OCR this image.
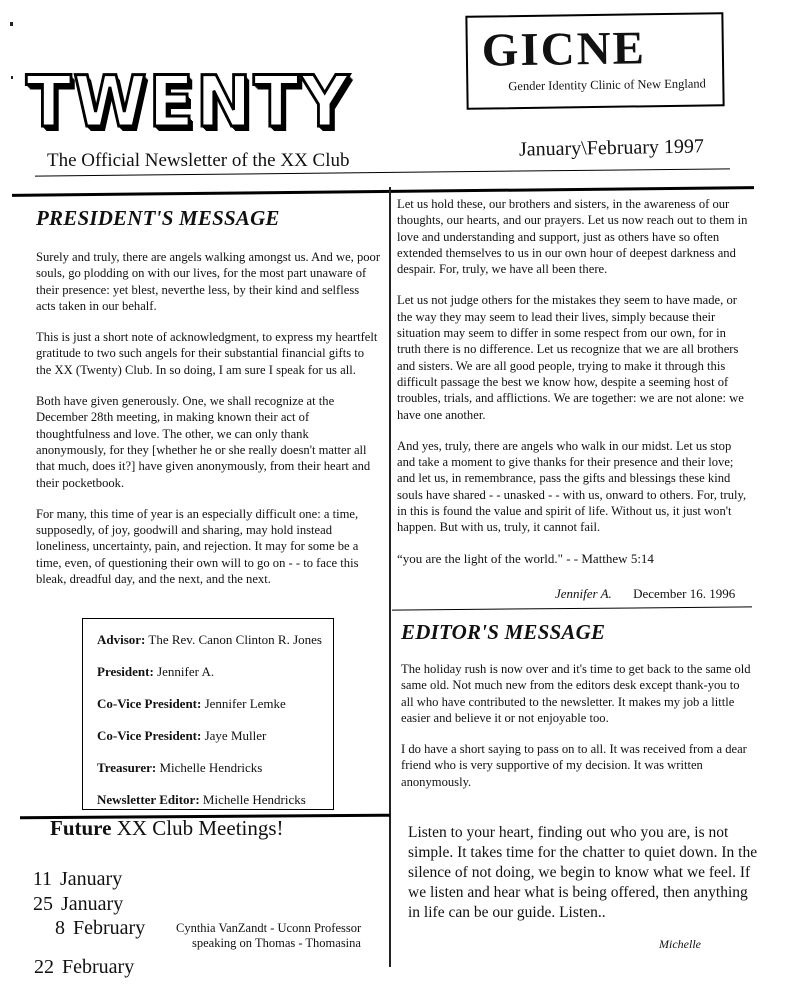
TWENTY
The Official Newsletter of the XX Club
GICNE
Gender Identity Clinic of New England
January\February 1997
PRESIDENT'S MESSAGE

Surely and truly, there are angels walking amongst us. And we, poor souls, go plodding on with our lives, for the most part unaware of their presence: yet blest, neverthe less, by their kind and selfless acts taken in our behalf.

This is just a short note of acknowledgment, to express my heartfelt gratitude to two such angels for their substantial financial gifts to the XX (Twenty) Club. In so doing, I am sure I speak for us all.

Both have given generously. One, we shall recognize at the December 28th meeting, in making known their act of thoughtfulness and love. The other, we can only thank anonymously, for they [whether he or she really doesn't matter all that much, does it?] have given anonymously, from their heart and their pocketbook.

For many, this time of year is an especially difficult one: a time, supposedly, of joy, goodwill and sharing, may hold instead loneliness, uncertainty, pain, and rejection. It may for some be a time, even, of questioning their own will to go on - - to face this bleak, dreadful day, and the next, and the next.

Let us hold these, our brothers and sisters, in the awareness of our thoughts, our hearts, and our prayers. Let us now reach out to them in love and understanding and support, just as others have so often extended themselves to us in our own hour of deepest darkness and despair. For, truly, we have all been there.

Let us not judge others for the mistakes they seem to have made, or the way they may seem to lead their lives, simply because their situation may seem to differ in some respect from our own, for in truth there is no difference. Let us recognize that we are all brothers and sisters. We are all good people, trying to make it through this difficult passage the best we know how, despite a seeming host of troubles, trials, and afflictions. We are together: we are not alone: we have one another.

And yes, truly, there are angels who walk in our midst. Let us stop and take a moment to give thanks for their presence and their love; and let us, in remembrance, pass the gifts and blessings these kind souls have shared - - unasked - - with us, onward to others. For, truly, in this is found the value and spirit of life. Without us, it just won't happen. But with us, truly, it cannot fail.

“you are the light of the world." - - Matthew 5:14

Jennifer A. December 16. 1996
Advisor: The Rev. Canon Clinton R. Jones
President: Jennifer A.
Co-Vice President: Jennifer Lemke
Co-Vice President: Jaye Muller
Treasurer: Michelle Hendricks
Newsletter Editor: Michelle Hendricks
Future XX Club Meetings!
11 January
25 January
8 February Cynthia VanZandt - Uconn Professor
speaking on Thomas - Thomasina
22 February
EDITOR'S MESSAGE

The holiday rush is now over and it's time to get back to the same old same old. Not much new from the editors desk except thank-you to all who have contributed to the newsletter. It makes my job a little easier and believe it or not enjoyable too.

I do have a short saying to pass on to all. It was received from a dear friend who is very supportive of my decision. It was written anonymously.

Listen to your heart, finding out who you are, is not simple. It takes time for the chatter to quiet down. In the silence of not doing, we begin to know what we feel. If we listen and hear what is being offered, then anything in life can be our guide. Listen..
Michelle
